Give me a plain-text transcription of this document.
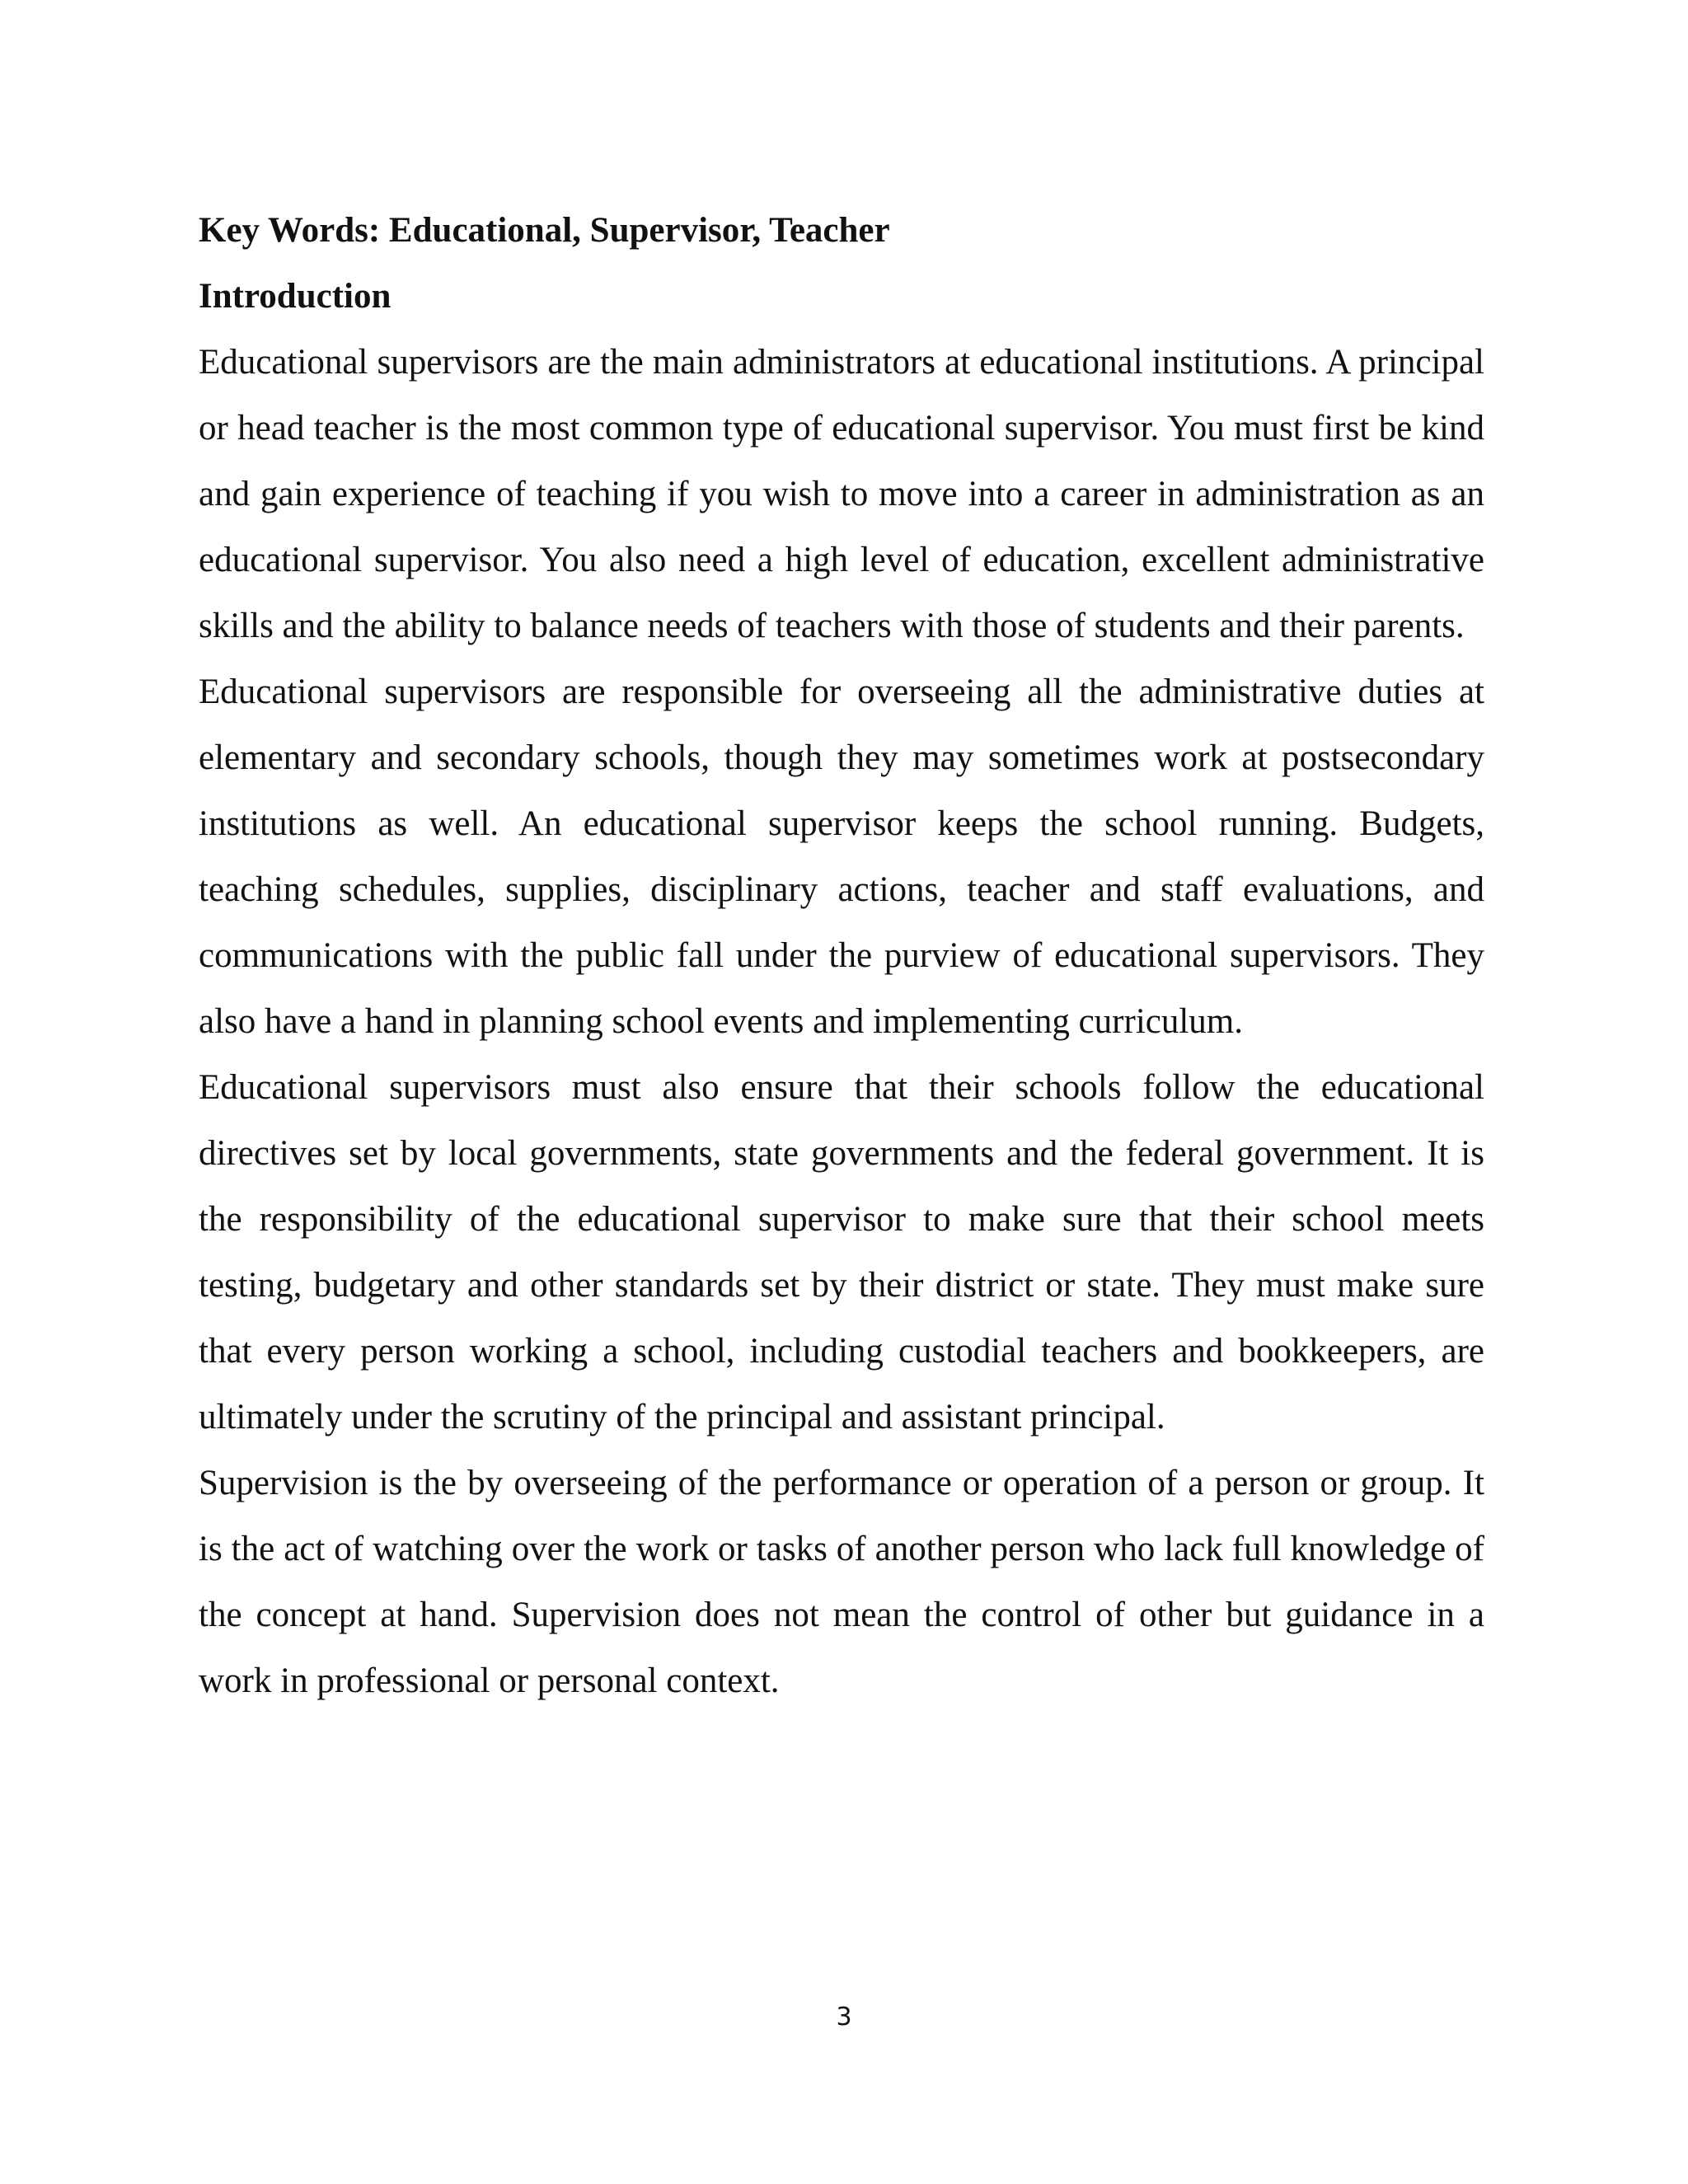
Key Words: Educational, Supervisor, Teacher

Introduction

Educational supervisors are the main administrators at educational institutions. A principal or head teacher is the most common type of educational supervisor. You must first be kind and gain experience of teaching if you wish to move into a career in administration as an educational supervisor. You also need a high level of education, excellent administrative skills and the ability to balance needs of teachers with those of students and their parents.

Educational supervisors are responsible for overseeing all the administrative duties at elementary and secondary schools, though they may sometimes work at postsecondary institutions as well. An educational supervisor keeps the school running. Budgets, teaching schedules, supplies, disciplinary actions, teacher and staff evaluations, and communications with the public fall under the purview of educational supervisors. They also have a hand in planning school events and implementing curriculum.

Educational supervisors must also ensure that their schools follow the educational directives set by local governments, state governments and the federal government. It is the responsibility of the educational supervisor to make sure that their school meets testing, budgetary and other standards set by their district or state. They must make sure that every person working a school, including custodial teachers and bookkeepers, are ultimately under the scrutiny of the principal and assistant principal.

Supervision is the by overseeing of the performance or operation of a person or group. It is the act of watching over the work or tasks of another person who lack full knowledge of the concept at hand. Supervision does not mean the control of other but guidance in a work in professional or personal context.

3
